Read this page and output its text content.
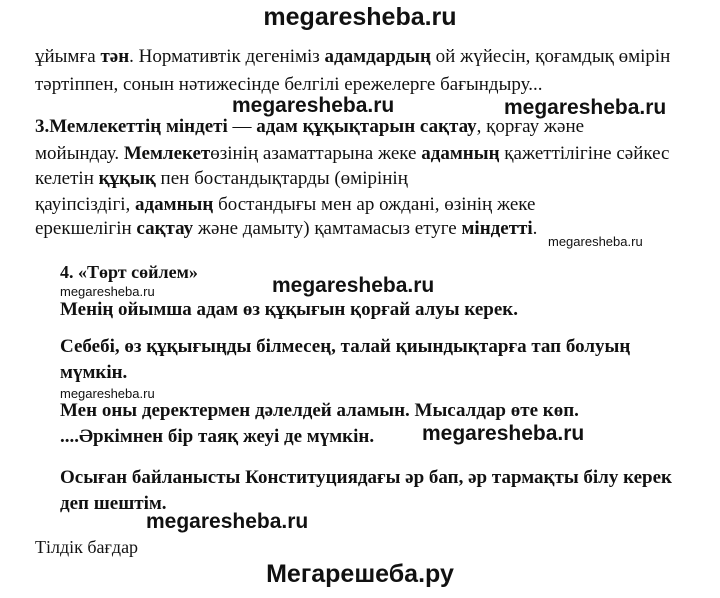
megaresheba.ru
ұйымға тән. Нормативтік дегеніміз адамдардың ой жүйесін, қоғамдық өмірін
тәртіппен, сонын нәтижесінде белгілі ережелерге бағындыру...
megaresheba.ru	megaresheba.ru
3.Мемлекеттің міндеті — адам құқықтарын сақтау, қорғау және
мойындау. Мемлекетөзінің азаматтарына жеке адамның қажеттілігіне сәйкес
келетін құқық пен бостандықтарды (өмірінің
қауіпсіздігі, адамның бостандығы мен ар ождані, өзінің жеке
ерекшелігін сақтау және дамыту) қамтамасыз етуге міндетті.
megaresheba.ru
4. «Төрт сөйлем»
megaresheba.ru
megaresheba.ru
Менің ойымша адам өз құқығын қорғай алуы керек.
Себебі, өз құқығыңды білмесең, талай қиындықтарға тап болуың
мүмкін.
megaresheba.ru
Мен оны деректермен дәлелдей аламын. Мысалдар өте көп.
megaresheba.ru
....Әркімнен бір таяқ жеуі де мүмкін.
Осыған байланысты Конституциядағы әр бап, әр тармақты білу керек
деп шештім.
megaresheba.ru
Тілдік бағдар
Мегарешеба.ру
